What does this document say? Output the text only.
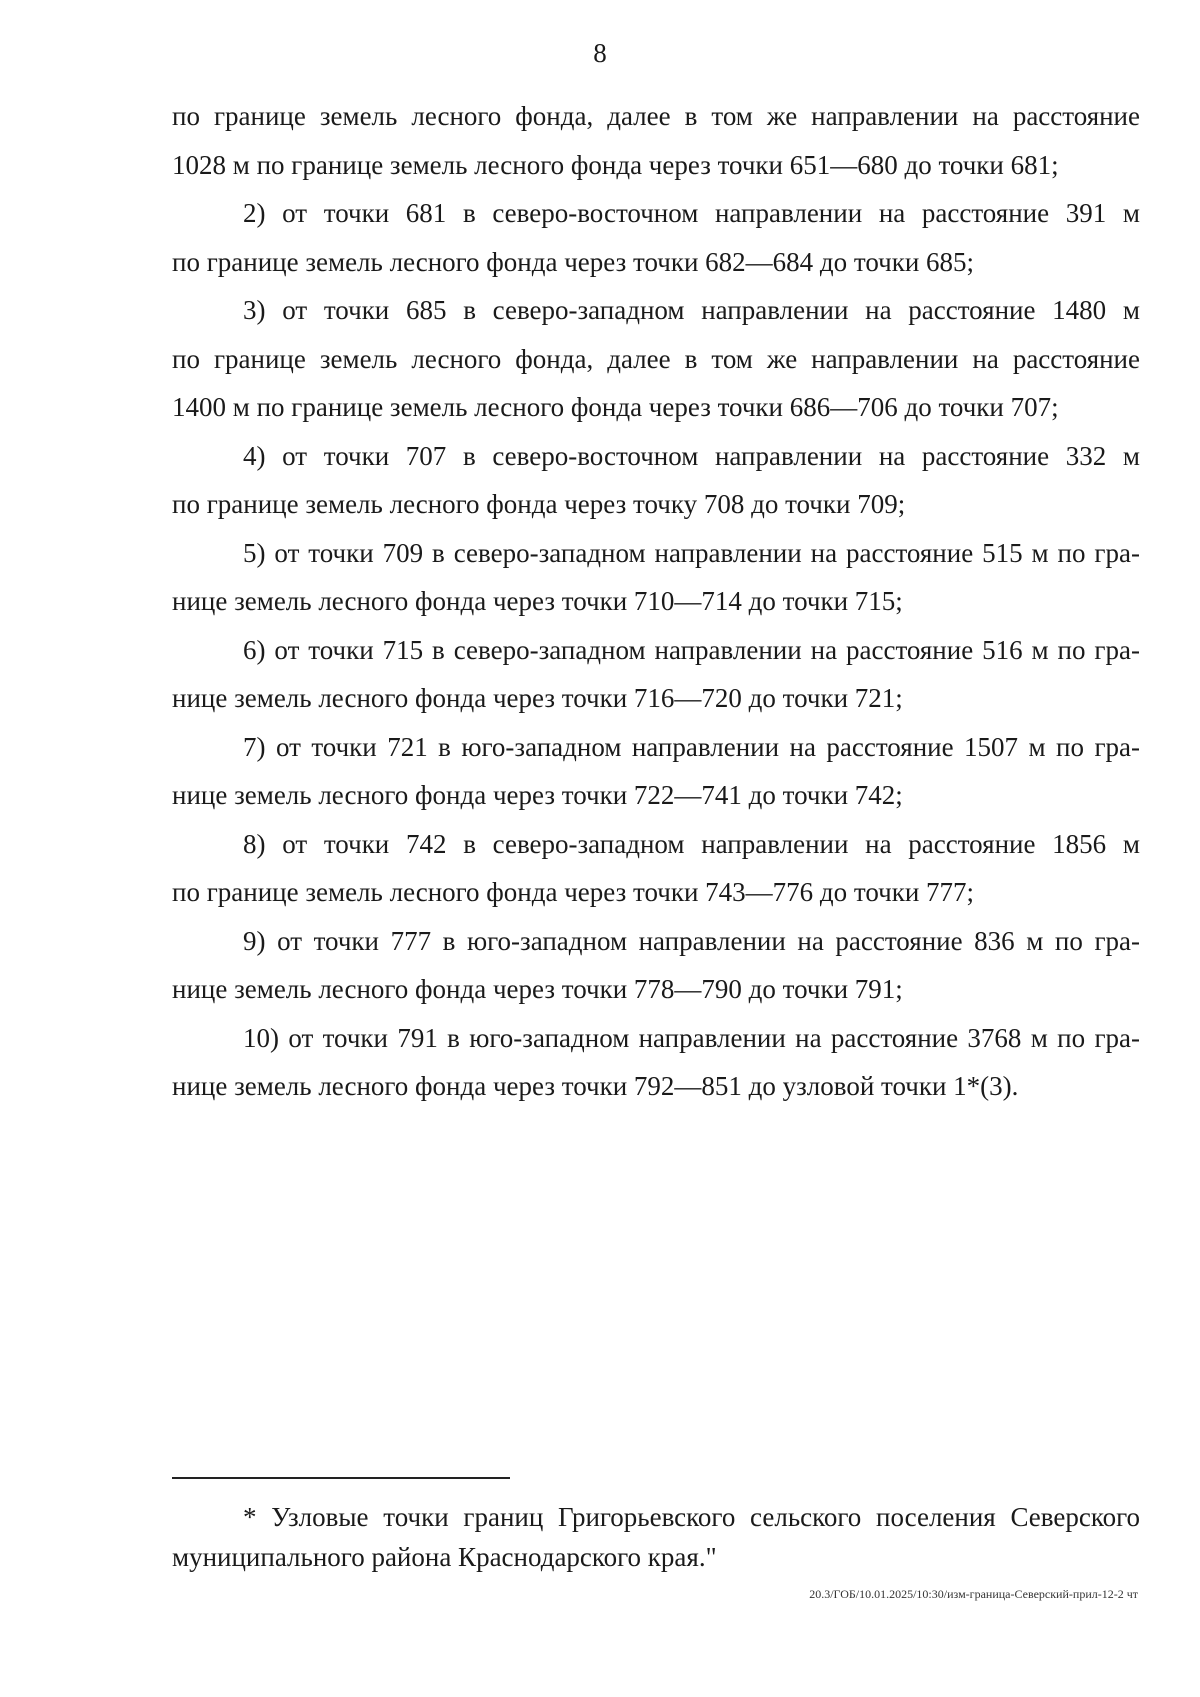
8
по границе земель лесного фонда, далее в том же направлении на расстояние
1028 м по границе земель лесного фонда через точки 651—680 до точки 681;
2) от точки 681 в северо-восточном направлении на расстояние 391 м
по границе земель лесного фонда через точки 682—684 до точки 685;
3) от точки 685 в северо-западном направлении на расстояние 1480 м
по границе земель лесного фонда, далее в том же направлении на расстояние
1400 м по границе земель лесного фонда через точки 686—706 до точки 707;
4) от точки 707 в северо-восточном направлении на расстояние 332 м
по границе земель лесного фонда через точку 708 до точки 709;
5) от точки 709 в северо-западном направлении на расстояние 515 м по гра-
нице земель лесного фонда через точки 710—714 до точки 715;
6) от точки 715 в северо-западном направлении на расстояние 516 м по гра-
нице земель лесного фонда через точки 716—720 до точки 721;
7) от точки 721 в юго-западном направлении на расстояние 1507 м по гра-
нице земель лесного фонда через точки 722—741 до точки 742;
8) от точки 742 в северо-западном направлении на расстояние 1856 м
по границе земель лесного фонда через точки 743—776 до точки 777;
9) от точки 777 в юго-западном направлении на расстояние 836 м по гра-
нице земель лесного фонда через точки 778—790 до точки 791;
10) от точки 791 в юго-западном направлении на расстояние 3768 м по гра-
нице земель лесного фонда через точки 792—851 до узловой точки 1*(3).
* Узловые точки границ Григорьевского сельского поселения Северского
муниципального района Краснодарского края."
20.3/ГОБ/10.01.2025/10:30/изм-граница-Северский-прил-12-2 чт
